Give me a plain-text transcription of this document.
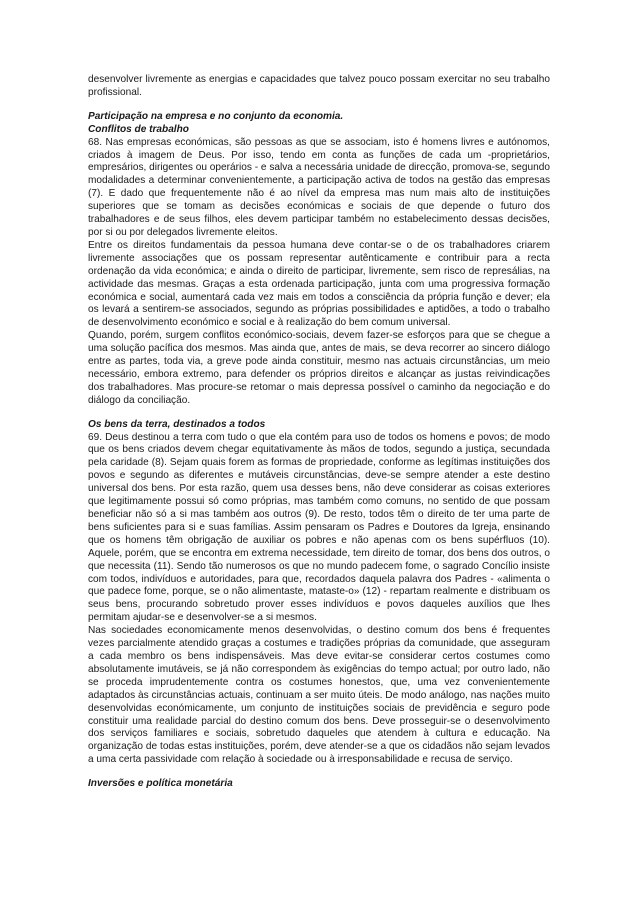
desenvolver livremente as energias e capacidades que talvez pouco possam exercitar no seu trabalho profissional.

Participação na empresa e no conjunto da economia.
Conflitos de trabalho

68. Nas empresas económicas, são pessoas as que se associam, isto é homens livres e autónomos, criados à imagem de Deus. Por isso, tendo em conta as funções de cada um -proprietários, empresários, dirigentes ou operários - e salva a necessária unidade de direcção, promova-se, segundo modalidades a determinar convenientemente, a participação activa de todos na gestão das empresas (7). E dado que frequentemente não é ao nível da empresa mas num mais alto de instituições superiores que se tomam as decisões económicas e sociais de que depende o futuro dos trabalhadores e de seus filhos, eles devem participar também no estabelecimento dessas decisões, por si ou por delegados livremente eleitos.

Entre os direitos fundamentais da pessoa humana deve contar-se o de os trabalhadores criarem livremente associações que os possam representar autênticamente e contribuir para a recta ordenação da vida económica; e ainda o direito de participar, livremente, sem risco de represálias, na actividade das mesmas. Graças a esta ordenada participação, junta com uma progressiva formação económica e social, aumentará cada vez mais em todos a consciência da própria função e dever; ela os levará a sentirem-se associados, segundo as próprias possibilidades e aptidões, a todo o trabalho de desenvolvimento económico e social e à realização do bem comum universal.

Quando, porém, surgem conflitos económico-sociais, devem fazer-se esforços para que se chegue a uma solução pacífica dos mesmos. Mas ainda que, antes de mais, se deva recorrer ao sincero diálogo entre as partes, toda via, a greve pode ainda constituir, mesmo nas actuais circunstâncias, um meio necessário, embora extremo, para defender os próprios direitos e alcançar as justas reivindicações dos trabalhadores. Mas procure-se retomar o mais depressa possível o caminho da negociação e do diálogo da conciliação.

Os bens da terra, destinados a todos

69. Deus destinou a terra com tudo o que ela contém para uso de todos os homens e povos; de modo que os bens criados devem chegar equitativamente às mãos de todos, segundo a justiça, secundada pela caridade (8). Sejam quais forem as formas de propriedade, conforme as legítimas instituições dos povos e segundo as diferentes e mutáveis circunstâncias, deve-se sempre atender a este destino universal dos bens. Por esta razão, quem usa desses bens, não deve considerar as coisas exteriores que legitimamente possui só como próprias, mas também como comuns, no sentido de que possam beneficiar não só a si mas também aos outros (9). De resto, todos têm o direito de ter uma parte de bens suficientes para si e suas famílias. Assim pensaram os Padres e Doutores da Igreja, ensinando que os homens têm obrigação de auxiliar os pobres e não apenas com os bens supérfluos (10). Aquele, porém, que se encontra em extrema necessidade, tem direito de tomar, dos bens dos outros, o que necessita (11). Sendo tão numerosos os que no mundo padecem fome, o sagrado Concílio insiste com todos, indivíduos e autoridades, para que, recordados daquela palavra dos Padres - «alimenta o que padece fome, porque, se o não alimentaste, mataste-o» (12) - repartam realmente e distribuam os seus bens, procurando sobretudo prover esses indivíduos e povos daqueles auxílios que lhes permitam ajudar-se e desenvolver-se a si mesmos.

Nas sociedades economicamente menos desenvolvidas, o destino comum dos bens é frequentes vezes parcialmente atendido graças a costumes e tradições próprias da comunidade, que asseguram a cada membro os bens indispensáveis. Mas deve evitar-se considerar certos costumes como absolutamente imutáveis, se já não correspondem às exigências do tempo actual; por outro lado, não se proceda imprudentemente contra os costumes honestos, que, uma vez convenientemente adaptados às circunstâncias actuais, continuam a ser muito úteis. De modo análogo, nas nações muito desenvolvidas económicamente, um conjunto de instituições sociais de previdência e seguro pode constituir uma realidade parcial do destino comum dos bens. Deve prosseguir-se o desenvolvimento dos serviços familiares e sociais, sobretudo daqueles que atendem à cultura e educação. Na organização de todas estas instituições, porém, deve atender-se a que os cidadãos não sejam levados a uma certa passividade com relação à sociedade ou à irresponsabilidade e recusa de serviço.

Inversões e política monetária
